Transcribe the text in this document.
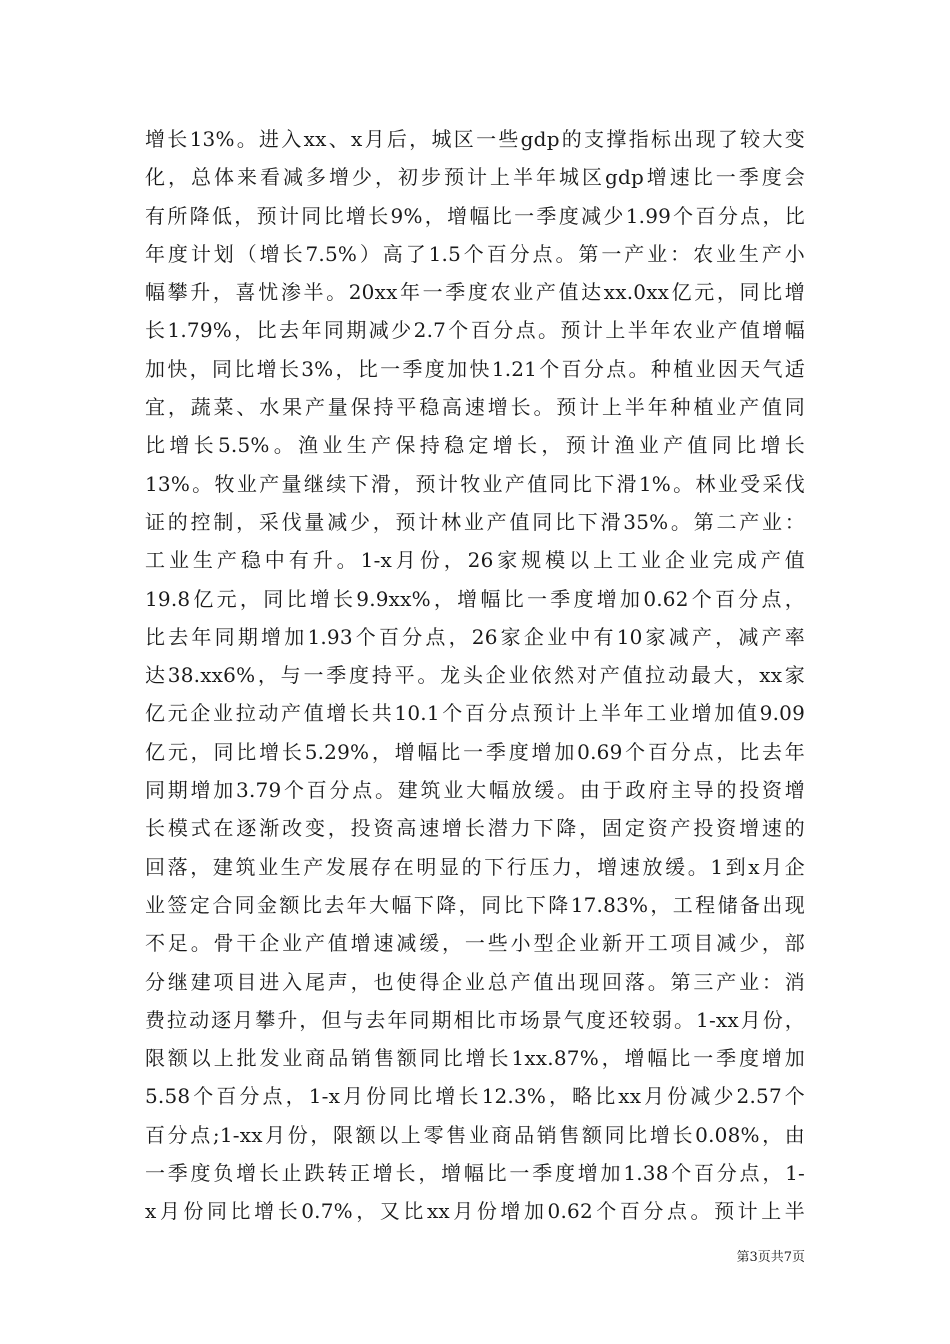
增长13%。进入xx、x月后，城区一些gdp的支撑指标出现了较大变
化，总体来看减多增少，初步预计上半年城区gdp增速比一季度会
有所降低，预计同比增长9%，增幅比一季度减少1.99个百分点，比
年度计划（增长7.5%）高了1.5个百分点。第一产业：农业生产小
幅攀升，喜忧渗半。20xx年一季度农业产值达xx.0xx亿元，同比增
长1.79%，比去年同期减少2.7个百分点。预计上半年农业产值增幅
加快，同比增长3%，比一季度加快1.21个百分点。种植业因天气适
宜，蔬菜、水果产量保持平稳高速增长。预计上半年种植业产值同
比增长5.5%。渔业生产保持稳定增长，预计渔业产值同比增长
13%。牧业产量继续下滑，预计牧业产值同比下滑1%。林业受采伐
证的控制，采伐量减少，预计林业产值同比下滑35%。第二产业：
工业生产稳中有升。1-x月份，26家规模以上工业企业完成产值
19.8亿元，同比增长9.9xx%，增幅比一季度增加0.62个百分点，
比去年同期增加1.93个百分点，26家企业中有10家减产，减产率
达38.xx6%，与一季度持平。龙头企业依然对产值拉动最大，xx家
亿元企业拉动产值增长共10.1个百分点预计上半年工业增加值9.09
亿元，同比增长5.29%，增幅比一季度增加0.69个百分点，比去年
同期增加3.79个百分点。建筑业大幅放缓。由于政府主导的投资增
长模式在逐渐改变，投资高速增长潜力下降，固定资产投资增速的
回落，建筑业生产发展存在明显的下行压力，增速放缓。1到x月企
业签定合同金额比去年大幅下降，同比下降17.83%，工程储备出现
不足。骨干企业产值增速减缓，一些小型企业新开工项目减少，部
分继建项目进入尾声，也使得企业总产值出现回落。第三产业：消
费拉动逐月攀升，但与去年同期相比市场景气度还较弱。1-xx月份，
限额以上批发业商品销售额同比增长1xx.87%，增幅比一季度增加
5.58个百分点，1-x月份同比增长12.3%，略比xx月份减少2.57个
百分点;1-xx月份，限额以上零售业商品销售额同比增长0.08%，由
一季度负增长止跌转正增长，增幅比一季度增加1.38个百分点，1-
x月份同比增长0.7%，又比xx月份增加0.62个百分点。预计上半
第3页共7页
